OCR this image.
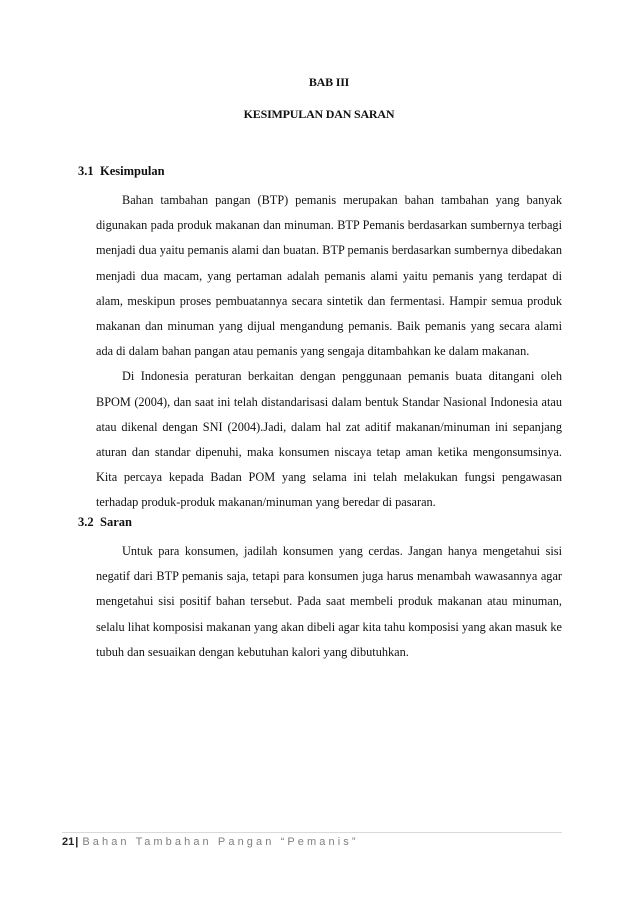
BAB III
KESIMPULAN DAN SARAN
3.1 Kesimpulan

Bahan tambahan pangan (BTP) pemanis merupakan bahan tambahan yang banyak digunakan pada produk makanan dan minuman. BTP Pemanis berdasarkan sumbernya terbagi menjadi dua yaitu pemanis alami dan buatan. BTP pemanis berdasarkan sumbernya dibedakan menjadi dua macam, yang pertaman adalah pemanis alami yaitu pemanis yang terdapat di alam, meskipun proses pembuatannya secara sintetik dan fermentasi. Hampir semua produk makanan dan minuman yang dijual mengandung pemanis. Baik pemanis yang secara alami ada di dalam bahan pangan atau pemanis yang sengaja ditambahkan ke dalam makanan.

Di Indonesia peraturan berkaitan dengan penggunaan pemanis buata ditangani oleh BPOM (2004), dan saat ini telah distandarisasi dalam bentuk Standar Nasional Indonesia atau atau dikenal dengan SNI (2004).Jadi, dalam hal zat aditif makanan/minuman ini sepanjang aturan dan standar dipenuhi, maka konsumen niscaya tetap aman ketika mengonsumsinya. Kita percaya kepada Badan POM yang selama ini telah melakukan fungsi pengawasan terhadap produk-produk makanan/minuman yang beredar di pasaran.

3.2 Saran

Untuk para konsumen, jadilah konsumen yang cerdas. Jangan hanya mengetahui sisi negatif dari BTP pemanis saja, tetapi para konsumen juga harus menambah wawasannya agar mengetahui sisi positif bahan tersebut. Pada saat membeli produk makanan atau minuman, selalu lihat komposisi makanan yang akan dibeli agar kita tahu komposisi yang akan masuk ke tubuh dan sesuaikan dengan kebutuhan kalori yang dibutuhkan.

21| Bahan Tambahan Pangan “Pemanis”
